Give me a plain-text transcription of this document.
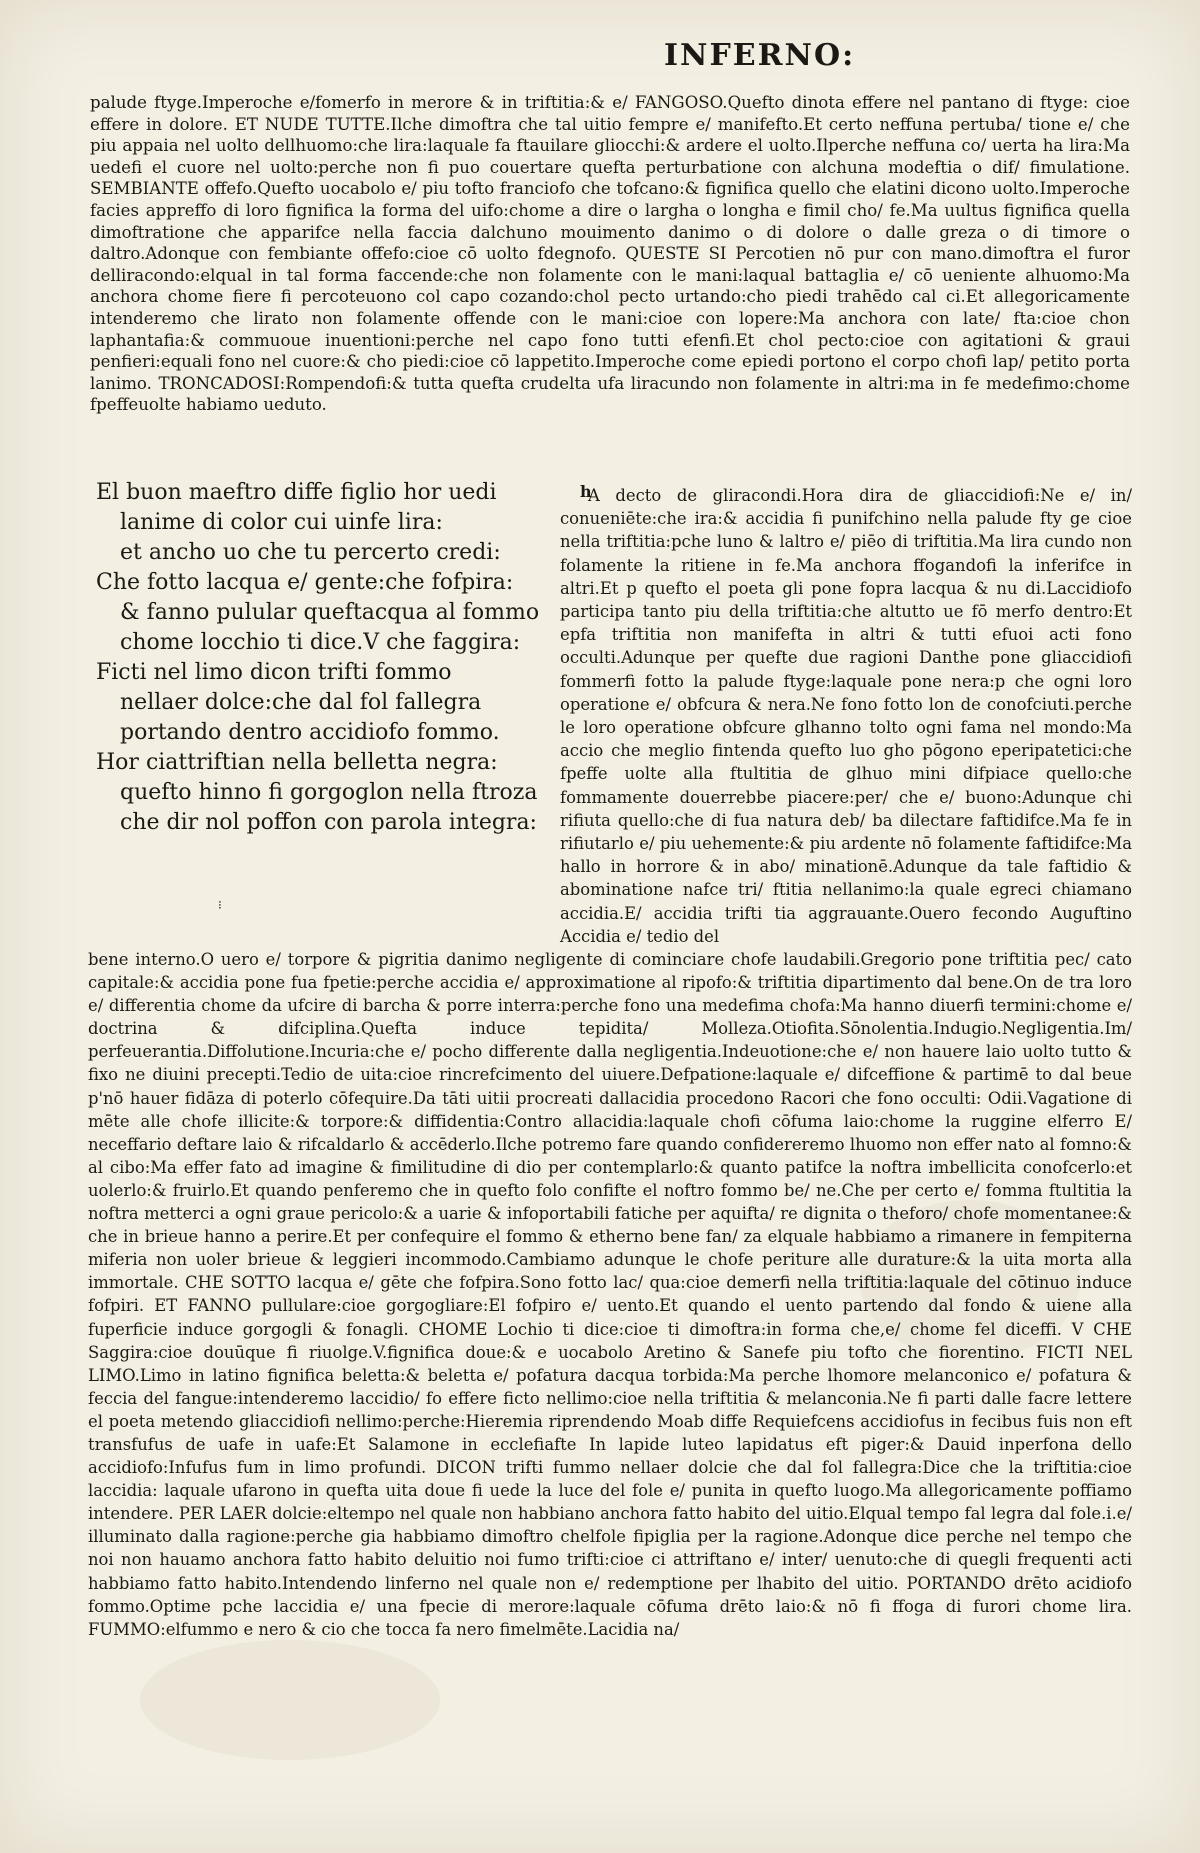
INFERNO:
palude ftyge.Imperoche e/fomerfo in merore & in triftitia:& e/ FANGOSO.Quefto dinota effere nel pantano di ftyge: cioe effere in dolore. ET NUDE TUTTE.Ilche dimoftra che tal uitio fempre e/ manifefto.Et certo neffuna pertuba/ tione e/ che piu appaia nel uolto dellhuomo:che lira:laquale fa ftauilare gliocchi:& ardere el uolto.Ilperche neffuna co/ uerta ha lira:Ma uedefi el cuore nel uolto:perche non fi puo couertare quefta perturbatione con alchuna modeftia o dif/ fimulatione. SEMBIANTE offefo.Quefto uocabolo e/ piu tofto franciofo che tofcano:& fignifica quello che elatini dicono uolto.Imperoche facies appreffo di loro fignifica la forma del uifo:chome a dire o largha o longha e fimil cho/ fe.Ma uultus fignifica quella dimoftratione che apparifce nella faccia dalchuno mouimento danimo o di dolore o dalle greza o di timore o daltro.Adonque con fembiante offefo:cioe cō uolto fdegnofo. QUESTE SI Percotien nō pur con mano.dimoftra el furor delliracondo:elqual in tal forma faccende:che non folamente con le mani:laqual battaglia e/ cō ueniente alhuomo:Ma anchora chome fiere fi percoteuono col capo cozando:chol pecto urtando:cho piedi trahēdo cal ci.Et allegoricamente intenderemo che lirato non folamente offende con le mani:cioe con lopere:Ma anchora con late/ fta:cioe chon laphantafia:& commuoue inuentioni:perche nel capo fono tutti efenfi.Et chol pecto:cioe con agitationi & graui penfieri:equali fono nel cuore:& cho piedi:cioe cō lappetito.Imperoche come epiedi portono el corpo chofi lap/ petito porta lanimo. TRONCADOSI:Rompendofi:& tutta quefta crudelta ufa liracundo non folamente in altri:ma in fe medefimo:chome fpeffeuolte habiamo ueduto.
El buon maeftro diffe figlio hor uedi
lanime di color cui uinfe lira:
et ancho uo che tu percerto credi:
Che fotto lacqua e/ gente:che fofpira:
& fanno pulular queftacqua al fommo
chome locchio ti dice.V che faggira:
Ficti nel limo dicon trifti fommo
nellaer dolce:che dal fol fallegra
portando dentro accidiofo fommo.
Hor ciattriftian nella belletta negra:
quefto hinno fi gorgoglon nella ftroza
che dir nol poffon con parola integra:
⁝
h
A decto de gliracondi.Hora dira de gliaccidiofi:Ne e/ in/ conueniēte:che ira:& accidia fi punifchino nella palude fty ge cioe nella triftitia:pche luno & laltro e/ piēo di triftitia.Ma lira cundo non folamente la ritiene in fe.Ma anchora ffogandofi la inferifce in altri.Et p quefto el poeta gli pone fopra lacqua & nu di.Laccidiofo participa tanto piu della triftitia:che altutto ue fō merfo dentro:Et epfa triftitia non manifefta in altri & tutti efuoi acti fono occulti.Adunque per quefte due ragioni Danthe pone gliaccidiofi fommerfi fotto la palude ftyge:laquale pone nera:p che ogni loro operatione e/ obfcura & nera.Ne fono fotto lon de conofciuti.perche le loro operatione obfcure glhanno tolto ogni fama nel mondo:Ma accio che meglio fintenda quefto luo gho pōgono eperipatetici:che fpeffe uolte alla ftultitia de glhuo mini difpiace quello:che fommamente douerrebbe piacere:per/ che e/ buono:Adunque chi rifiuta quello:che di fua natura deb/ ba dilectare faftidifce.Ma fe in rifiutarlo e/ piu uehemente:& piu ardente nō folamente faftidifce:Ma hallo in horrore & in abo/ minationē.Adunque da tale faftidio & abominatione nafce tri/ ftitia nellanimo:la quale egreci chiamano accidia.E/ accidia trifti tia aggrauante.Ouero fecondo Auguftino Accidia e/ tedio del
bene interno.O uero e/ torpore & pigritia danimo negligente di cominciare chofe laudabili.Gregorio pone triftitia pec/ cato capitale:& accidia pone fua fpetie:perche accidia e/ approximatione al ripofo:& triftitia dipartimento dal bene.On de tra loro e/ differentia chome da ufcire di barcha & porre interra:perche fono una medefima chofa:Ma hanno diuerfi termini:chome e/ doctrina & difciplina.Quefta induce tepidita/ Molleza.Otiofita.Sōnolentia.Indugio.Negligentia.Im/ perfeuerantia.Diffolutione.Incuria:che e/ pocho differente dalla negligentia.Indeuotione:che e/ non hauere laio uolto tutto & fixo ne diuini precepti.Tedio de uita:cioe rincrefcimento del uiuere.Defpatione:laquale e/ difceffione & partimē to dal beue p'nō hauer fidāza di poterlo cōfequire.Da tāti uitii procreati dallacidia procedono Racori che fono occulti: Odii.Vagatione di mēte alle chofe illicite:& torpore:& diffidentia:Contro allacidia:laquale chofi cōfuma laio:chome la ruggine elferro E/ neceffario deftare laio & rifcaldarlo & accēderlo.Ilche potremo fare quando confidereremo lhuomo non effer nato al fomno:& al cibo:Ma effer fato ad imagine & fimilitudine di dio per contemplarlo:& quanto patifce la noftra imbellicita conofcerlo:et uolerlo:& fruirlo.Et quando penferemo che in quefto folo confifte el noftro fommo be/ ne.Che per certo e/ fomma ftultitia la noftra metterci a ogni graue pericolo:& a uarie & infoportabili fatiche per aquifta/ re dignita o theforo/ chofe momentanee:& che in brieue hanno a perire.Et per confequire el fommo & etherno bene fan/ za elquale habbiamo a rimanere in fempiterna miferia non uoler brieue & leggieri incommodo.Cambiamo adunque le chofe periture alle durature:& la uita morta alla immortale. CHE SOTTO lacqua e/ gēte che fofpira.Sono fotto lac/ qua:cioe demerfi nella triftitia:laquale del cōtinuo induce fofpiri. ET FANNO pullulare:cioe gorgogliare:El fofpiro e/ uento.Et quando el uento partendo dal fondo & uiene alla fuperficie induce gorgogli & fonagli. CHOME Lochio ti dice:cioe ti dimoftra:in forma che,e/ chome fel diceffi. V CHE Saggira:cioe douūque fi riuolge.V.fignifica doue:& e uocabolo Aretino & Sanefe piu tofto che fiorentino. FICTI NEL LIMO.Limo in latino fignifica beletta:& beletta e/ pofatura dacqua torbida:Ma perche lhomore melanconico e/ pofatura & feccia del fangue:intenderemo laccidio/ fo effere ficto nellimo:cioe nella triftitia & melanconia.Ne fi parti dalle facre lettere el poeta metendo gliaccidiofi nellimo:perche:Hieremia riprendendo Moab diffe Requiefcens accidiofus in fecibus fuis non eft transfufus de uafe in uafe:Et Salamone in ecclefiafte In lapide luteo lapidatus eft piger:& Dauid inperfona dello accidiofo:Infufus fum in limo profundi. DICON trifti fummo nellaer dolcie che dal fol fallegra:Dice che la triftitia:cioe laccidia: laquale ufarono in quefta uita doue fi uede la luce del fole e/ punita in quefto luogo.Ma allegoricamente poffiamo intendere. PER LAER dolcie:eltempo nel quale non habbiano anchora fatto habito del uitio.Elqual tempo fal legra dal fole.i.e/ illuminato dalla ragione:perche gia habbiamo dimoftro chelfole fipiglia per la ragione.Adonque dice perche nel tempo che noi non hauamo anchora fatto habito deluitio noi fumo trifti:cioe ci attriftano e/ inter/ uenuto:che di quegli frequenti acti habbiamo fatto habito.Intendendo linferno nel quale non e/ redemptione per lhabito del uitio. PORTANDO drēto acidiofo fommo.Optime pche laccidia e/ una fpecie di merore:laquale cōfuma drēto laio:& nō fi ffoga di furori chome lira. FUMMO:elfummo e nero & cio che tocca fa nero fimelmēte.Lacidia na/
